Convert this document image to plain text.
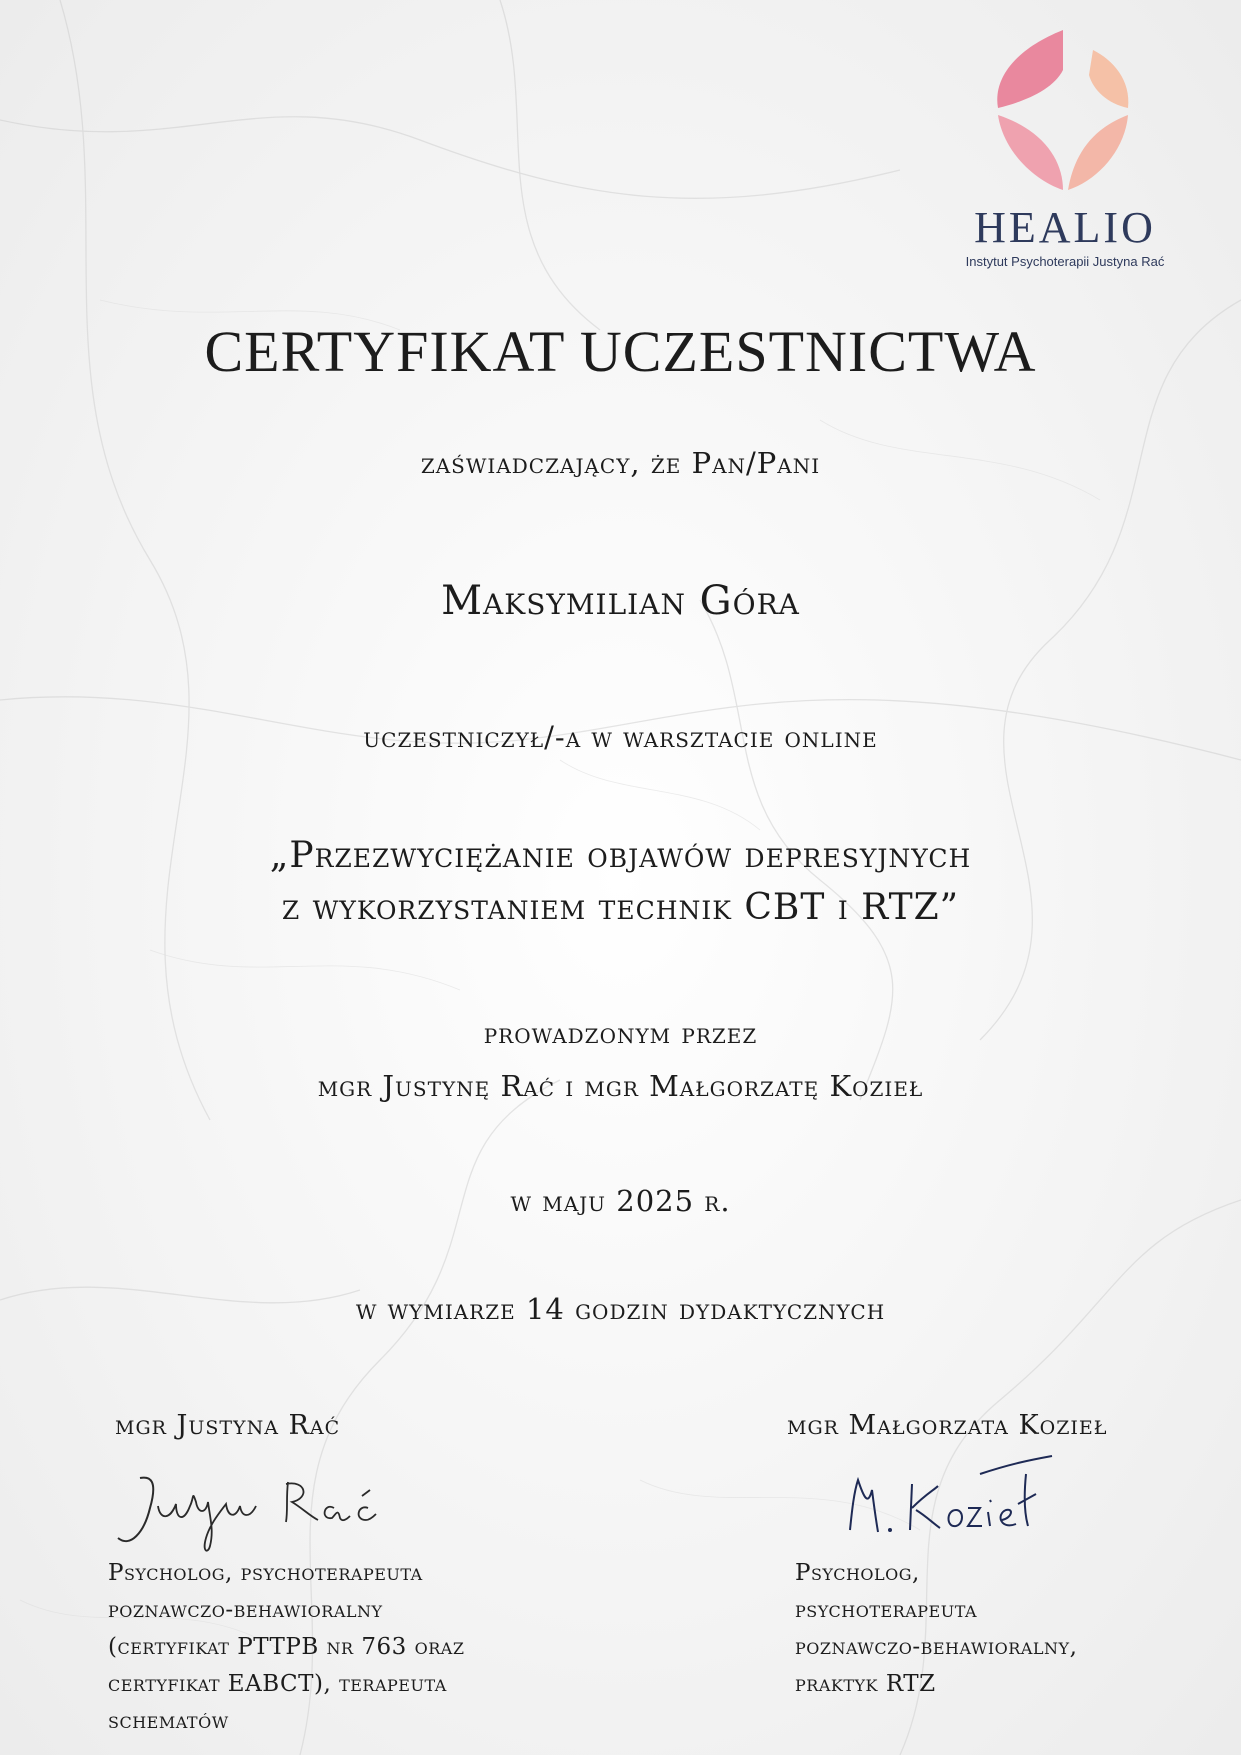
HEALIO
Instytut Psychoterapii Justyna Rać
CERTYFIKAT UCZESTNICTWA
zaświadczający, że Pan/Pani
Maksymilian Góra
uczestniczył/-a w warsztacie online
„Przezwyciężanie objawów depresyjnych
z wykorzystaniem technik CBT i RTZ”
prowadzonym przez
mgr Justynę Rać i mgr Małgorzatę Kozieł
w maju 2025 r.
w wymiarze 14 godzin dydaktycznych
mgr Justyna Rać
Psycholog, psychoterapeuta
poznawczo-behawioralny
(certyfikat PTTPB nr 763 oraz
certyfikat EABCT), terapeuta
schematów
mgr Małgorzata Kozieł
Psycholog,
psychoterapeuta
poznawczo-behawioralny,
praktyk RTZ
